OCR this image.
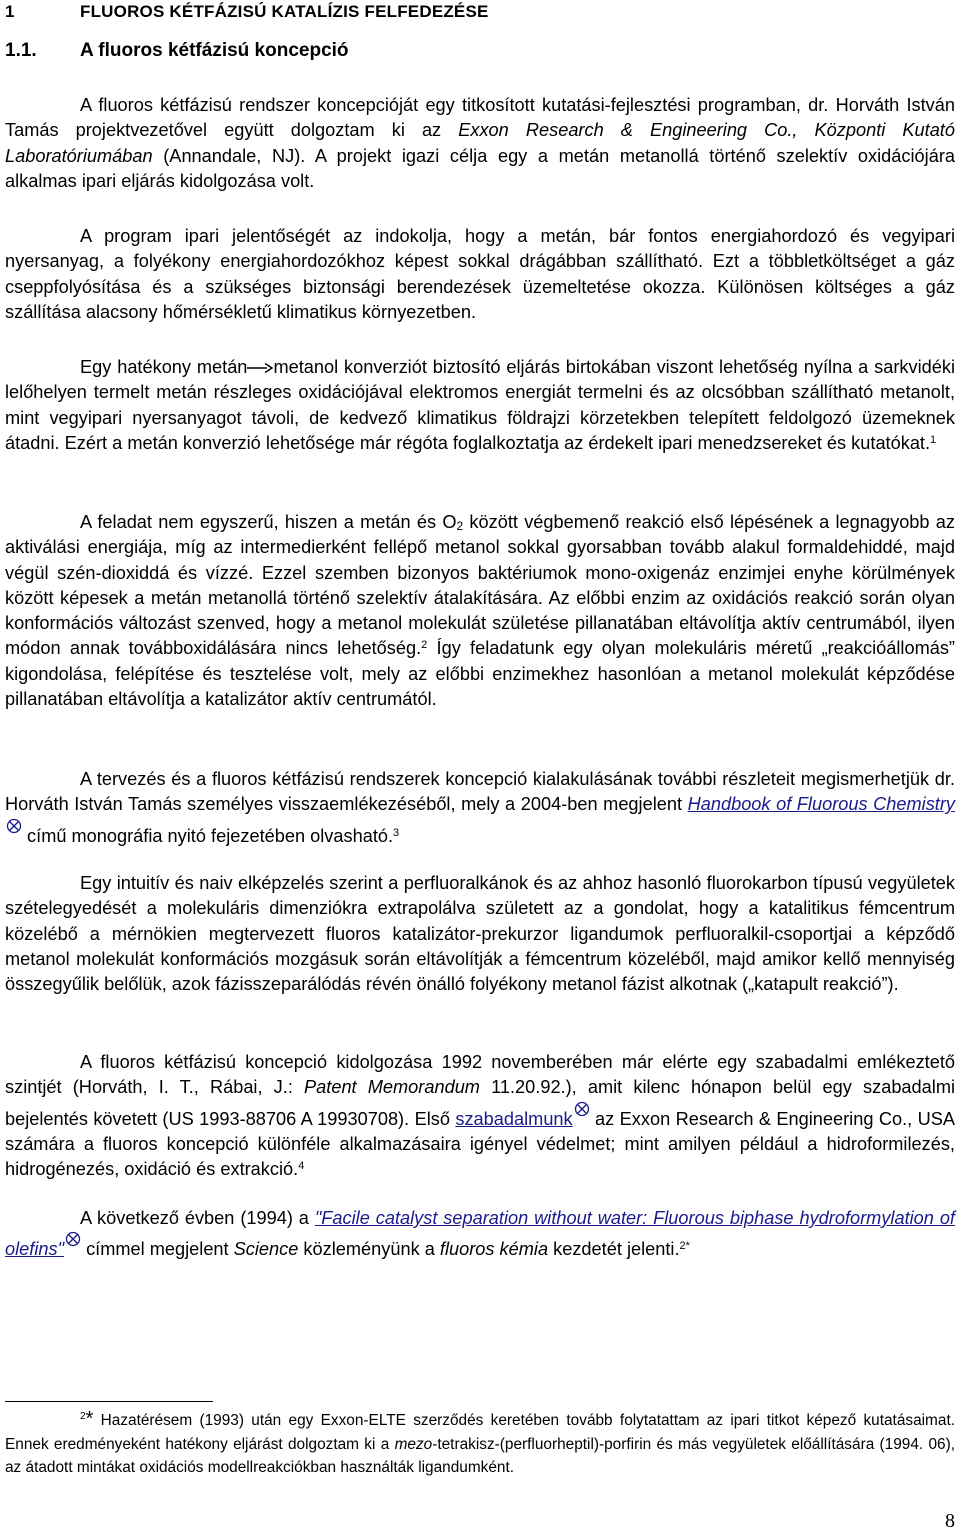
1	FLUOROS KÉTFÁZISÚ KATALÍZIS FELFEDEZÉSE
1.1. A fluoros kétfázisú koncepció

A fluoros kétfázisú rendszer koncepcióját egy titkosított kutatási-fejlesztési programban, dr. Horváth István Tamás projektvezetővel együtt dolgoztam ki az Exxon Research & Engineering Co., Központi Kutató Laboratóriumában (Annandale, NJ). A projekt igazi célja egy a metán metanollá történő szelektív oxidációjára alkalmas ipari eljárás kidolgozása volt.

A program ipari jelentőségét az indokolja, hogy a metán, bár fontos energiahordozó és vegyipari nyersanyag, a folyékony energiahordozókhoz képest sokkal drágábban szállítható. Ezt a többletköltséget a gáz cseppfolyósítása és a szükséges biztonsági berendezések üzemeltetése okozza. Különösen költséges a gáz szállítása alacsony hőmérsékletű klimatikus környezetben.

Egy hatékony metán metanol konverziót biztosító eljárás birtokában viszont lehetőség nyílna a sarkvidéki lelőhelyen termelt metán részleges oxidációjával elektromos energiát termelni és az olcsóbban szállítható metanolt, mint vegyipari nyersanyagot távoli, de kedvező klimatikus földrajzi körzetekben telepített feldolgozó üzemeknek átadni. Ezért a metán konverzió lehetősége már régóta foglalkoztatja az érdekelt ipari menedzsereket és kutatókat.$^1$

A feladat nem egyszerű, hiszen a metán és $O_2$ között végbemenő reakció első lépésének a legnagyobb az aktiválási energiája, míg az intermedierként fellépő metanol sokkal gyorsabban tovább alakul formaldehiddé, majd végül szén-dioxiddá és vízzé. Ezzel szemben bizonyos baktériumok mono-oxigenáz enzimjei enyhe körülmények között képesek a metán metanollá történő szelektív átalakítására. Az előbbi enzim az oxidációs reakció során olyan konformációs változást szenved, hogy a metanol molekulát születése pillanatában eltávolítja aktív centrumából, ilyen módon annak továbboxidálására nincs lehetőség.$^2$ Így feladatunk egy olyan molekuláris méretű „reakcióállomás” kigondolása, felépítése és tesztelése volt, mely az előbbi enzimekhez hasonlóan a metanol molekulát képződése pillanatában eltávolítja a katalizátor aktív centrumától.

A tervezés és a fluoros kétfázisú rendszerek koncepció kialakulásának további részleteit megismerhetjük dr. Horváth István Tamás személyes visszaemlékezéséből, mely a 2004-ben megjelent Handbook of Fluorous Chemistry című monográfia nyitó fejezetében olvasható.$^3$

Egy intuitív és naiv elképzelés szerint a perfluoralkánok és az ahhoz hasonló fluorokarbon típusú vegyületek szételegyedését a molekuláris dimenziókra extrapolálva született az a gondolat, hogy a katalitikus fémcentrum közelébő a mérnökien megtervezett fluoros katalizátor-prekurzor ligandumok perfluoralkil-csoportjai a képződő metanol molekulát konformációs mozgásuk során eltávolítják a fémcentrum közeléből, majd amikor kellő mennyiség összegyűlik belőlük, azok fázisszeparálódás révén önálló folyékony metanol fázist alkotnak („katapult reakció”).

A fluoros kétfázisú koncepció kidolgozása 1992 novemberében már elérte egy szabadalmi emlékeztető szintjét (Horváth, I. T., Rábai, J.: Patent Memorandum 11.20.92.), amit kilenc hónapon belül egy szabadalmi bejelentés követett (US 1993-88706 A 19930708). Első szabadalmunk az Exxon Research & Engineering Co., USA számára a fluoros koncepció különféle alkalmazásaira igényel védelmet; mint amilyen például a hidroformilezés, hidrogénezés, oxidáció és extrakció.$^4$

A következő évben (1994) a "Facile catalyst separation without water: Fluorous biphase hydroformylation of olefins" címmel megjelent Science közleményünk a fluoros kémia kezdetét jelenti.$^{2*}$

$^2$* Hazatérésem (1993) után egy Exxon-ELTE szerződés keretében tovább folytatattam az ipari titkot képező kutatásaimat. Ennek eredményeként hatékony eljárást dolgoztam ki a mezo-tetrakisz-(perfluorheptil)-porfirin és más vegyületek előállítására (1994. 06), az átadott mintákat oxidációs modellreakciókban használták ligandumként.

8
